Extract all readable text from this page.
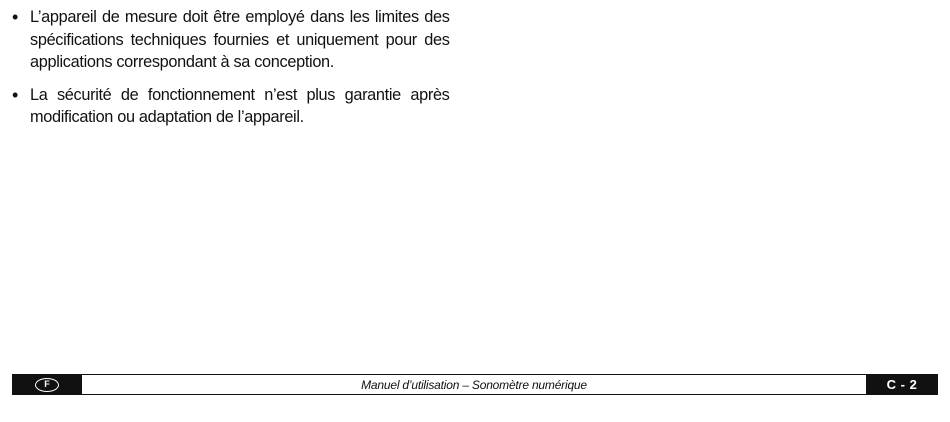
• L’appareil de mesure doit être employé dans les limites des spécifications techniques fournies et uniquement pour des applications correspondant à sa conception.
• La sécurité de fonctionnement n’est plus garantie après modification ou adaptation de l’appareil.
F	Manuel d’utilisation – Sonomètre numérique	C - 2
